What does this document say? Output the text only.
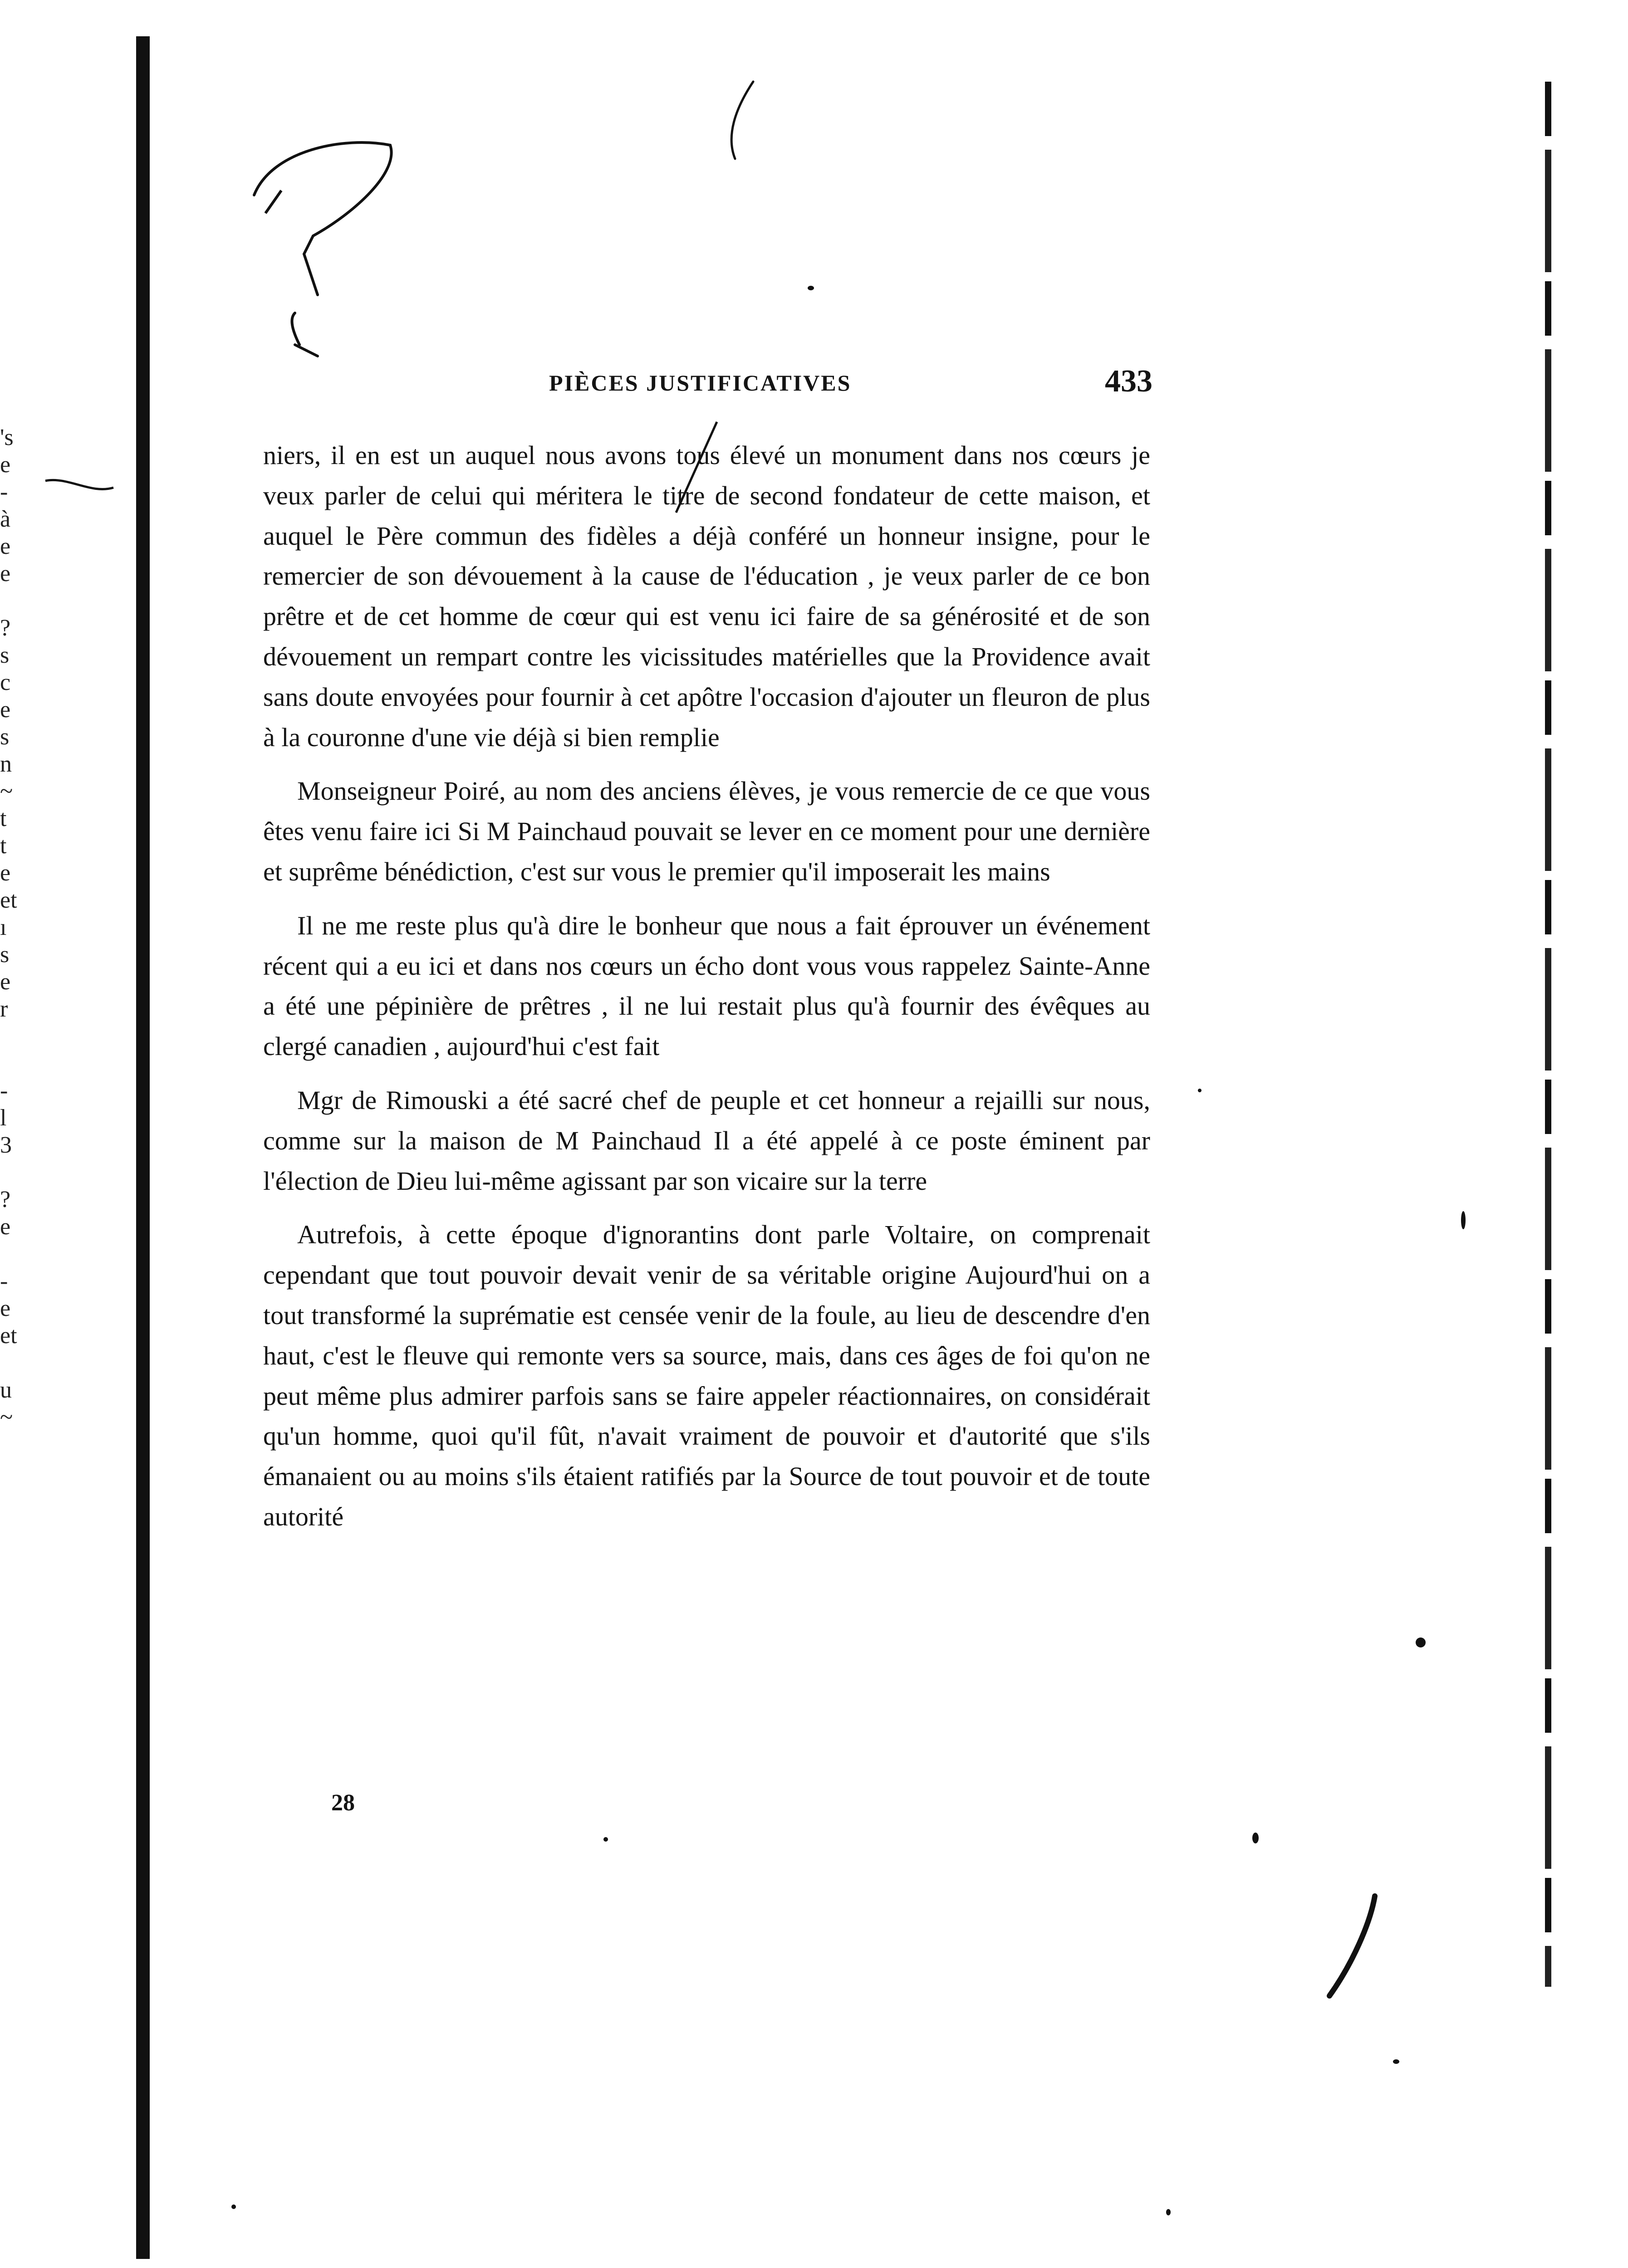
's
e
-
à
e
e

?
s
c
e
s
n
~
t
t
e
et
ı
s
e
r

-
l
3

?
e

-
e
et

u
~
PIÈCES JUSTIFICATIVES	433

niers, il en est un auquel nous avons tous élevé un monument dans nos cœurs je veux parler de celui qui méritera le titre de second fondateur de cette maison, et auquel le Père commun des fidèles a déjà conféré un honneur insigne, pour le remercier de son dévouement à la cause de l'éducation , je veux parler de ce bon prêtre et de cet homme de cœur qui est venu ici faire de sa générosité et de son dévouement un rempart contre les vicissitudes matérielles que la Providence avait sans doute envoyées pour fournir à cet apôtre l'occasion d'ajouter un fleuron de plus à la couronne d'une vie déjà si bien remplie

Monseigneur Poiré, au nom des anciens élèves, je vous remercie de ce que vous êtes venu faire ici Si M Painchaud pouvait se lever en ce moment pour une dernière et suprême bénédiction, c'est sur vous le premier qu'il imposerait les mains

Il ne me reste plus qu'à dire le bonheur que nous a fait éprouver un événement récent qui a eu ici et dans nos cœurs un écho dont vous vous rappelez Sainte-Anne a été une pépinière de prêtres , il ne lui restait plus qu'à fournir des évêques au clergé canadien , aujourd'hui c'est fait

Mgr de Rimouski a été sacré chef de peuple et cet honneur a rejailli sur nous, comme sur la maison de M Painchaud Il a été appelé à ce poste éminent par l'élection de Dieu lui-même agissant par son vicaire sur la terre

Autrefois, à cette époque d'ignorantins dont parle Voltaire, on comprenait cependant que tout pouvoir devait venir de sa véritable origine Aujourd'hui on a tout transformé la suprématie est censée venir de la foule, au lieu de descendre d'en haut, c'est le fleuve qui remonte vers sa source, mais, dans ces âges de foi qu'on ne peut même plus admirer parfois sans se faire appeler réactionnaires, on considérait qu'un homme, quoi qu'il fût, n'avait vraiment de pouvoir et d'autorité que s'ils émanaient ou au moins s'ils étaient ratifiés par la Source de tout pouvoir et de toute autorité

28
